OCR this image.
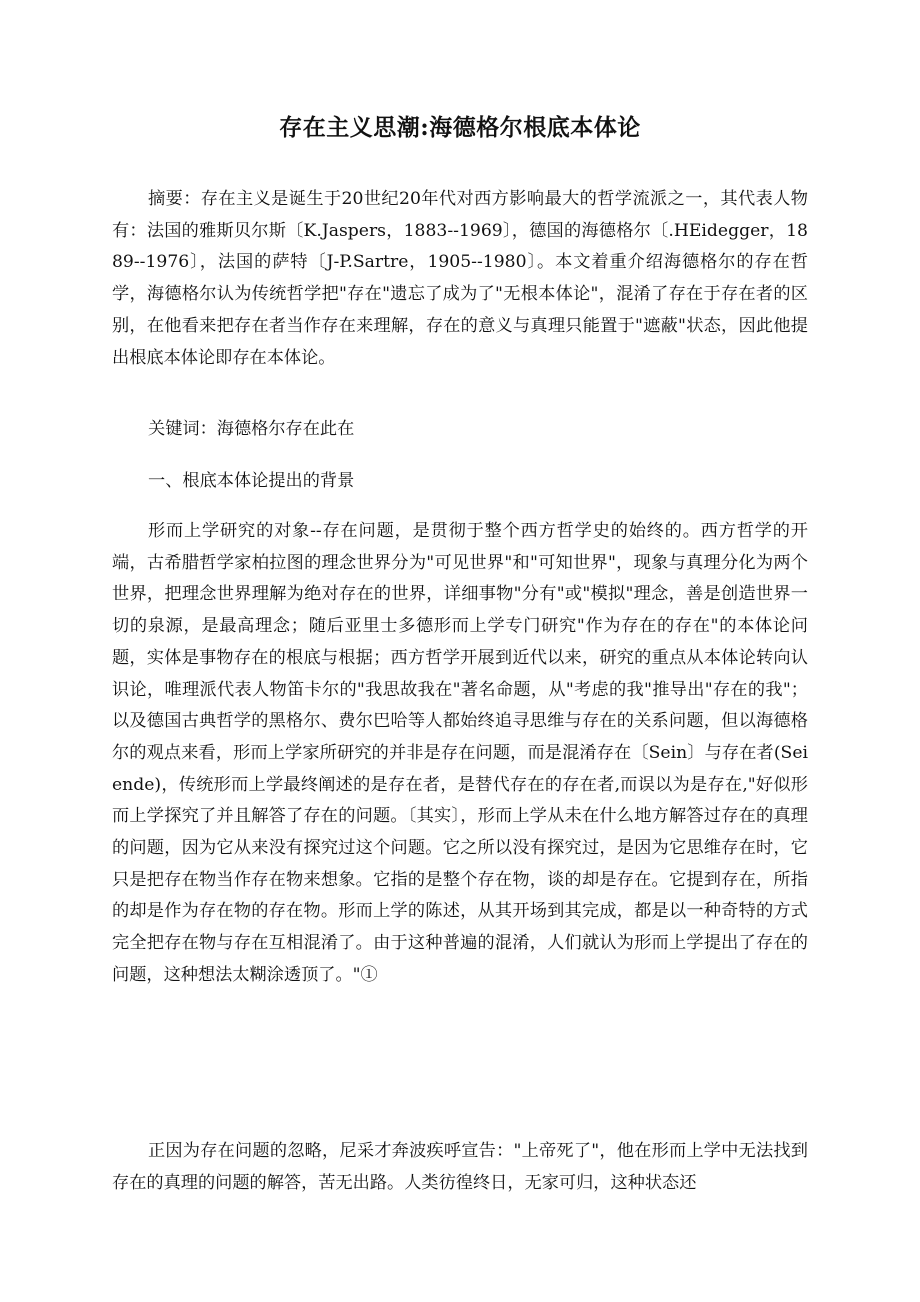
存在主义思潮:海德格尔根底本体论

摘要：存在主义是诞生于20世纪20年代对西方影响最大的哲学流派之一，其代表人物有：法国的雅斯贝尔斯〔K.Jaspers，1883--1969〕，德国的海德格尔〔.HEidegger，1889--1976〕，法国的萨特〔J-P.Sartre，1905--1980〕。本文着重介绍海德格尔的存在哲学，海德格尔认为传统哲学把"存在"遗忘了成为了"无根本体论"，混淆了存在于存在者的区别，在他看来把存在者当作存在来理解，存在的意义与真理只能置于"遮蔽"状态，因此他提出根底本体论即存在本体论。

关键词：海德格尔存在此在

一、根底本体论提出的背景

形而上学研究的对象--存在问题，是贯彻于整个西方哲学史的始终的。西方哲学的开端，古希腊哲学家柏拉图的理念世界分为"可见世界"和"可知世界"，现象与真理分化为两个世界，把理念世界理解为绝对存在的世界，详细事物"分有"或"模拟"理念，善是创造世界一切的泉源，是最高理念；随后亚里士多德形而上学专门研究"作为存在的存在"的本体论问题，实体是事物存在的根底与根据；西方哲学开展到近代以来，研究的重点从本体论转向认识论，唯理派代表人物笛卡尔的"我思故我在"著名命题，从"考虑的我"推导出"存在的我"；以及德国古典哲学的黑格尔、费尔巴哈等人都始终追寻思维与存在的关系问题，但以海德格尔的观点来看，形而上学家所研究的并非是存在问题，而是混淆存在〔Sein〕与存在者(Seiende)，传统形而上学最终阐述的是存在者，是替代存在的存在者,而误以为是存在,"好似形而上学探究了并且解答了存在的问题。〔其实〕，形而上学从未在什么地方解答过存在的真理的问题，因为它从来没有探究过这个问题。它之所以没有探究过，是因为它思维存在时，它只是把存在物当作存在物来想象。它指的是整个存在物，谈的却是存在。它提到存在，所指的却是作为存在物的存在物。形而上学的陈述，从其开场到其完成，都是以一种奇特的方式完全把存在物与存在互相混淆了。由于这种普遍的混淆，人们就认为形而上学提出了存在的问题，这种想法太糊涂透顶了。"①

正因为存在问题的忽略，尼采才奔波疾呼宣告："上帝死了"，他在形而上学中无法找到存在的真理的问题的解答，苦无出路。人类彷徨终日，无家可归，这种状态还
